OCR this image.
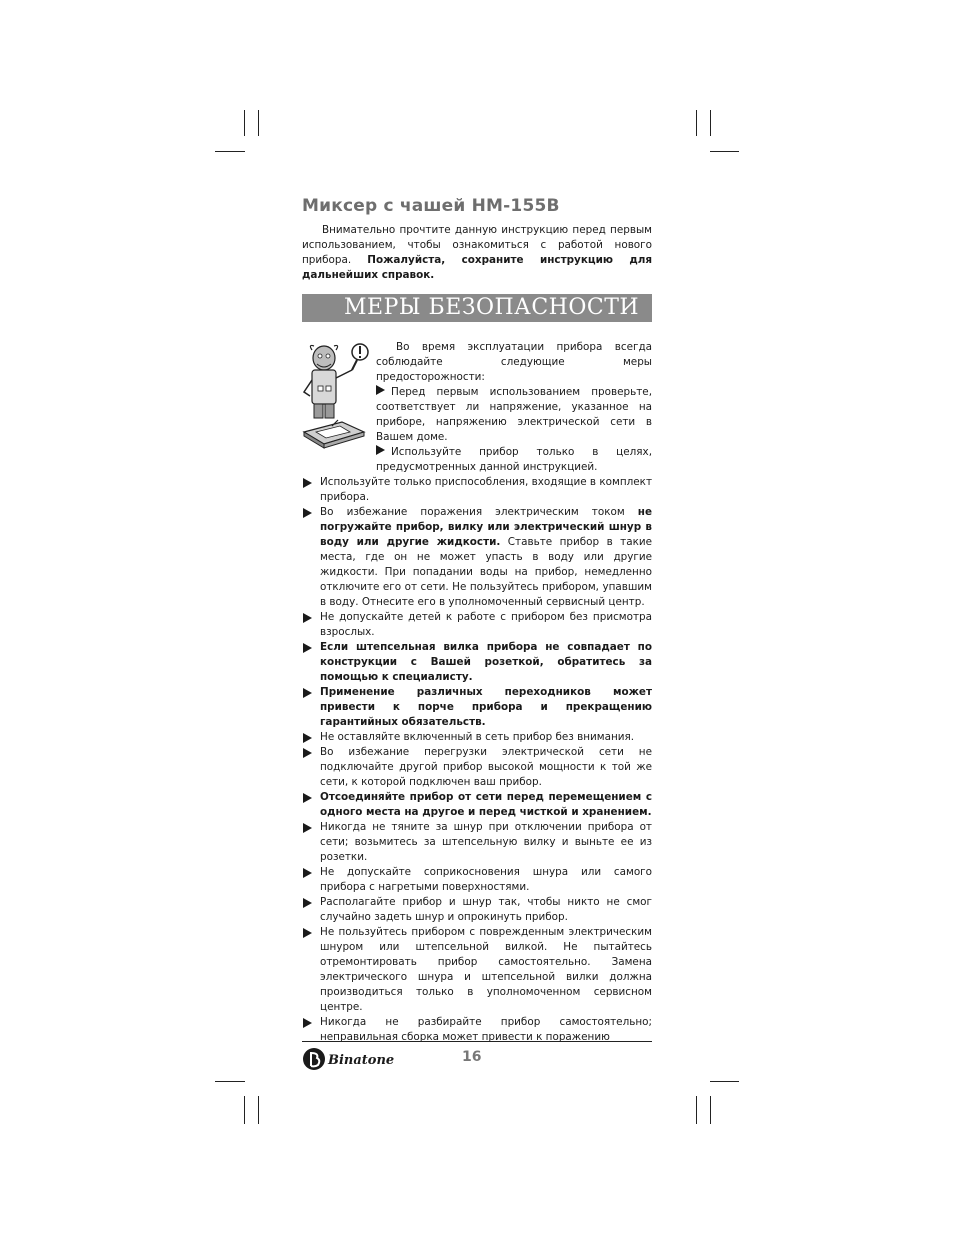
Миксер с чашей HM-155B

Внимательно прочтите данную инструкцию перед первым использованием, чтобы ознакомиться с работой нового прибора. Пожалуйста, сохраните инструкцию для дальнейших справок.

МЕРЫ БЕЗОПАСНОСТИ

Во время эксплуатации прибора всегда соблюдайте следующие меры предосторожности:

Перед первым использованием проверьте, соответствует ли напряжение, указанное на приборе, напряжению электрической сети в Вашем доме.

Используйте прибор только в целях, предусмотренных данной инструкцией.

Используйте только приспособления, входящие в комплект прибора.
Во избежание поражения электрическим током не погружайте прибор, вилку или электрический шнур в воду или другие жидкости. Ставьте прибор в такие места, где он не может упасть в воду или другие жидкости. При попадании воды на прибор, немедленно отключите его от сети. Не пользуйтесь прибором, упавшим в воду. Отнесите его в уполномоченный сервисный центр.
Не допускайте детей к работе с прибором без присмотра взрослых.
Если штепсельная вилка прибора не совпадает по конструкции с Вашей розеткой, обратитесь за помощью к специалисту.
Применение различных переходников может привести к порче прибора и прекращению гарантийных обязательств.
Не оставляйте включенный в сеть прибор без внимания.
Во избежание перегрузки электрической сети не подключайте другой прибор высокой мощности к той же сети, к которой подключен ваш прибор.
Отсоединяйте прибор от сети перед перемещением с одного места на другое и перед чисткой и хранением.
Никогда не тяните за шнур при отключении прибора от сети; возьмитесь за штепсельную вилку и выньте ее из розетки.
Не допускайте соприкосновения шнура или самого прибора с нагретыми поверхностями.
Располагайте прибор и шнур так, чтобы никто не смог случайно задеть шнур и опрокинуть прибор.
Не пользуйтесь прибором с поврежденным электрическим шнуром или штепсельной вилкой. Не пытайтесь отремонтировать прибор самостоятельно. Замена электрического шнура и штепсельной вилки должна производиться только в уполномоченном сервисном центре.
Никогда не разбирайте прибор самостоятельно; неправильная сборка может привести к поражению
Binatone	16
